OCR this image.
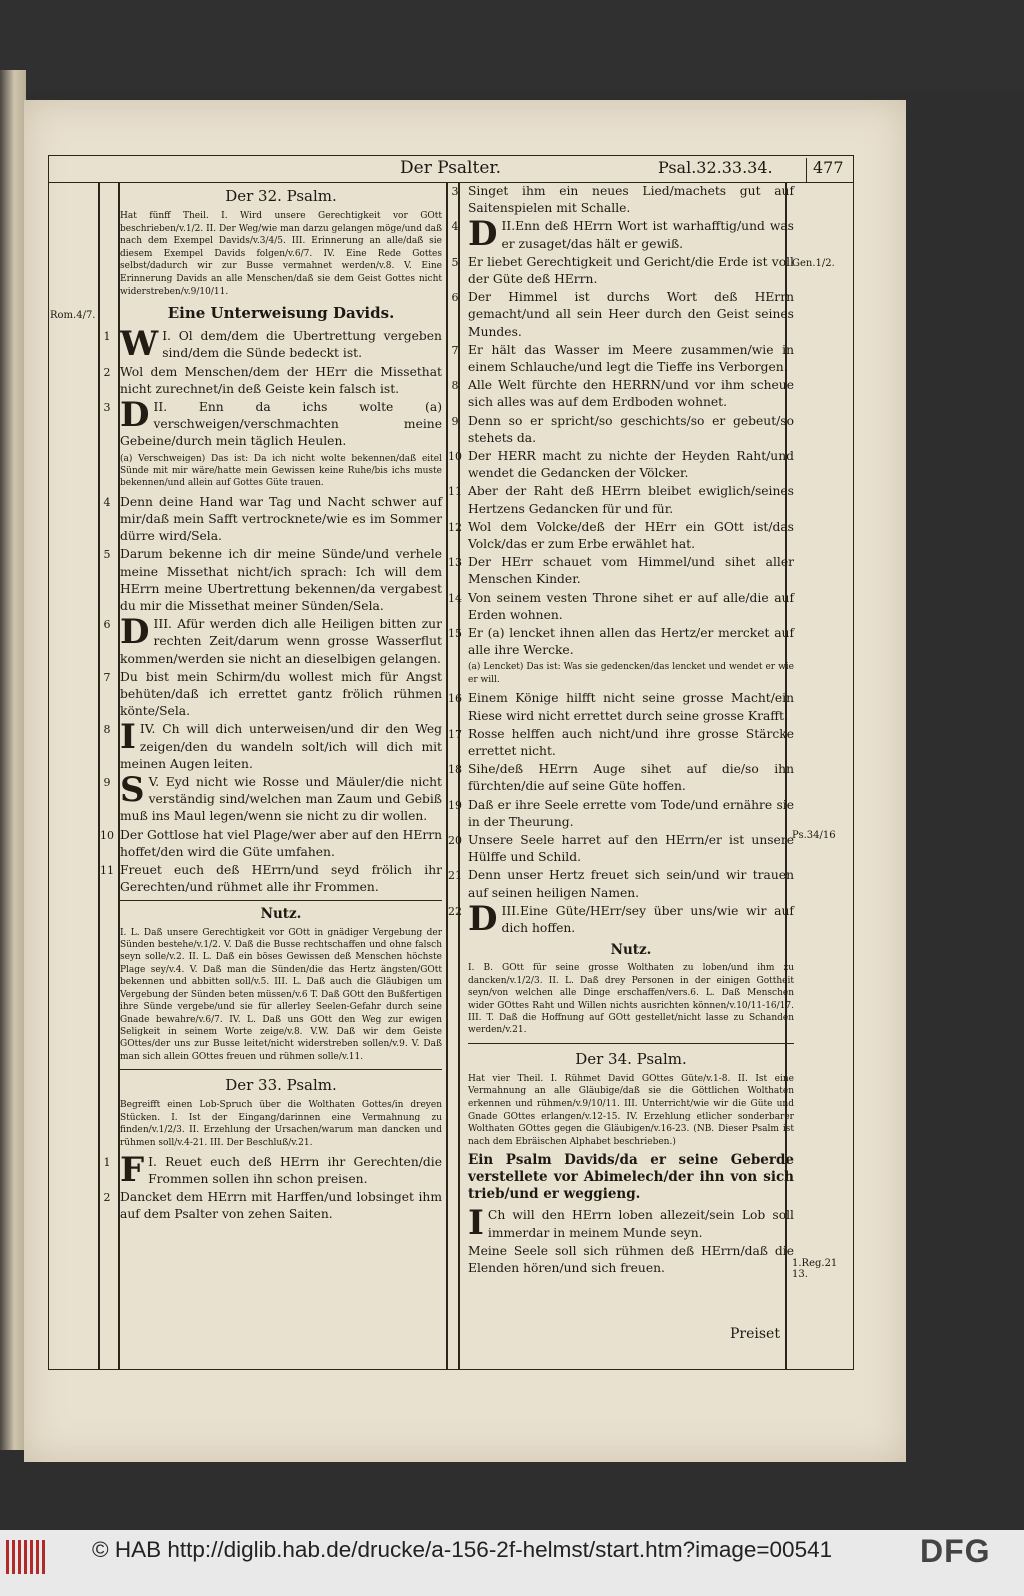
Der Psalter.	Psal.32.33.34.	477
Rom.4/7.
Gen.1/2.
Ps.34/16
1.Reg.21 13.
Der 32. Psalm.
Hat fünff Theil. I. Wird unsere Gerechtigkeit vor GOtt beschrieben/v.1/2. II. Der Weg/wie man darzu gelangen möge/und daß nach dem Exempel Davids/v.3/4/5. III. Erinnerung an alle/daß sie diesem Exempel Davids folgen/v.6/7. IV. Eine Rede Gottes selbst/dadurch wir zur Busse vermahnet werden/v.8. V. Eine Erinnerung Davids an alle Menschen/daß sie dem Geist Gottes nicht widerstreben/v.9/10/11.
Eine Unterweisung Davids.
1 W I. Ol dem/dem die Ubertrettung vergeben sind/dem die Sünde bedeckt ist.
2 Wol dem Menschen/dem der HErr die Missethat nicht zurechnet/in deß Geiste kein falsch ist.
3	II.
D	Enn da ichs wolte (a) verschweigen/verschmachten meine Gebeine/durch mein täglich Heulen.
(a) Verschweigen) Das ist: Da ich nicht wolte bekennen/daß eitel Sünde mit mir wäre/hatte mein Gewissen keine Ruhe/bis ichs muste bekennen/und allein auf Gottes Güte trauen.
4 Denn deine Hand war Tag und Nacht schwer auf mir/daß mein Safft vertrocknete/wie es im Sommer dürre wird/Sela.
5 Darum bekenne ich dir meine Sünde/und verhele meine Missethat nicht/ich sprach: Ich will dem HErrn meine Ubertrettung bekennen/da vergabest du mir die Missethat meiner Sünden/Sela.
6	III.
D Afür werden dich alle Heiligen bitten zur rechten Zeit/darum wenn grosse Wasserflut kommen/werden sie nicht an dieselbigen gelangen.
7 Du bist mein Schirm/du wollest mich für Angst behüten/daß ich errettet gantz frölich rühmen könte/Sela.
8 IV.
I Ch will dich unterweisen/und dir den Weg zeigen/den du wandeln solt/ich will dich mit meinen Augen leiten.
9	V.
S Eyd nicht wie Rosse und Mäuler/die nicht verständig sind/welchen man Zaum und Gebiß muß ins Maul legen/wenn sie nicht zu dir wollen.
10 Der Gottlose hat viel Plage/wer aber auf den HErrn hoffet/den wird die Güte umfahen.
11 Freuet euch deß HErrn/und seyd frölich ihr Gerechten/und rühmet alle ihr Frommen.
Nutz.
I. L. Daß unsere Gerechtigkeit vor GOtt in gnädiger Vergebung der Sünden bestehe/v.1/2. V. Daß die Busse rechtschaffen und ohne falsch seyn solle/v.2. II. L. Daß ein böses Gewissen deß Menschen höchste Plage sey/v.4. V. Daß man die Sünden/die das Hertz ängsten/GOtt bekennen und abbitten soll/v.5. III. L. Daß auch die Gläubigen um Vergebung der Sünden beten müssen/v.6 T. Daß GOtt den Bußfertigen ihre Sünde vergebe/und sie für allerley Seelen-Gefahr durch seine Gnade bewahre/v.6/7. IV. L. Daß uns GOtt den Weg zur ewigen Seligkeit in seinem Worte zeige/v.8. V.W. Daß wir dem Geiste GOttes/der uns zur Busse leitet/nicht widerstreben sollen/v.9. V. Daß man sich allein GOttes freuen und rühmen solle/v.11.
Der 33. Psalm.
Begreifft einen Lob-Spruch über die Wolthaten Gottes/in dreyen Stücken. I. Ist der Eingang/darinnen eine Vermahnung zu finden/v.1/2/3. II. Erzehlung der Ursachen/warum man dancken und rühmen soll/v.4-21. III. Der Beschluß/v.21.
1	I.
F Reuet euch deß HErrn ihr Gerechten/die Frommen sollen ihn schon preisen.
2 Dancket dem HErrn mit Harffen/und lobsinget ihm auf dem Psalter von zehen Saiten.
3 Singet ihm ein neues Lied/machets gut auf Saitenspielen mit Schalle.
4	II.
D Enn deß HErrn Wort ist warhafftig/und was er zusaget/das hält er gewiß.
5 Er liebet Gerechtigkeit und Gericht/die Erde ist voll der Güte deß HErrn.
6 Der Himmel ist durchs Wort deß HErrn gemacht/und all sein Heer durch den Geist seines Mundes.
7 Er hält das Wasser im Meere zusammen/wie in einem Schlauche/und legt die Tieffe ins Verborgen.
8 Alle Welt fürchte den HERRN/und vor ihm scheue sich alles was auf dem Erdboden wohnet.
9 Denn so er spricht/so geschichts/so er gebeut/so stehets da.
10 Der HERR macht zu nichte der Heyden Raht/und wendet die Gedancken der Völcker.
11 Aber der Raht deß HErrn bleibet ewiglich/seines Hertzens Gedancken für und für.
12 Wol dem Volcke/deß der HErr ein GOtt ist/das Volck/das er zum Erbe erwählet hat.
13 Der HErr schauet vom Himmel/und sihet aller Menschen Kinder.
14 Von seinem vesten Throne sihet er auf alle/die auf Erden wohnen.
15 Er (a) lencket ihnen allen das Hertz/er mercket auf alle ihre Wercke.
(a) Lencket) Das ist: Was sie gedencken/das lencket und wendet er wie er will.
16 Einem Könige hilfft nicht seine grosse Macht/ein Riese wird nicht errettet durch seine grosse Krafft.
17 Rosse helffen auch nicht/und ihre grosse Stärcke errettet nicht.
18 Sihe/deß HErrn Auge sihet auf die/so ihn fürchten/die auf seine Güte hoffen.
19 Daß er ihre Seele errette vom Tode/und ernähre sie in der Theurung.
20 Unsere Seele harret auf den HErrn/er ist unsere Hülffe und Schild.
21 Denn unser Hertz freuet sich sein/und wir trauen auf seinen heiligen Namen.
22	III.
D Eine Güte/HErr/sey über uns/wie wir auf dich hoffen.
Nutz.
I. B. GOtt für seine grosse Wolthaten zu loben/und ihm zu dancken/v.1/2/3. II. L. Daß drey Personen in der einigen Gottheit seyn/von welchen alle Dinge erschaffen/vers.6. L. Daß Menschen wider GOttes Raht und Willen nichts ausrichten können/v.10/11-16/17. III. T. Daß die Hoffnung auf GOtt gestellet/nicht lasse zu Schanden werden/v.21.
Der 34. Psalm.
Hat vier Theil. I. Rühmet David GOttes Güte/v.1-8. II. Ist eine Vermahnung an alle Gläubige/daß sie die Göttlichen Wolthaten erkennen und rühmen/v.9/10/11. III. Unterricht/wie wir die Güte und Gnade GOttes erlangen/v.12-15. IV. Erzehlung etlicher sonderbarer Wolthaten GOttes gegen die Gläubigen/v.16-23. (NB. Dieser Psalm ist nach dem Ebräischen Alphabet beschrieben.)
Ein Psalm Davids/da er seine Geberde verstellete vor Abimelech/der ihn von sich trieb/und er weggieng.
I Ch will den HErrn loben allezeit/sein Lob soll immerdar in meinem Munde seyn.
Meine Seele soll sich rühmen deß HErrn/daß die Elenden hören/und sich freuen.
Preiset
© HAB http://diglib.hab.de/drucke/a-156-2f-helmst/start.htm?image=00541	DFG
